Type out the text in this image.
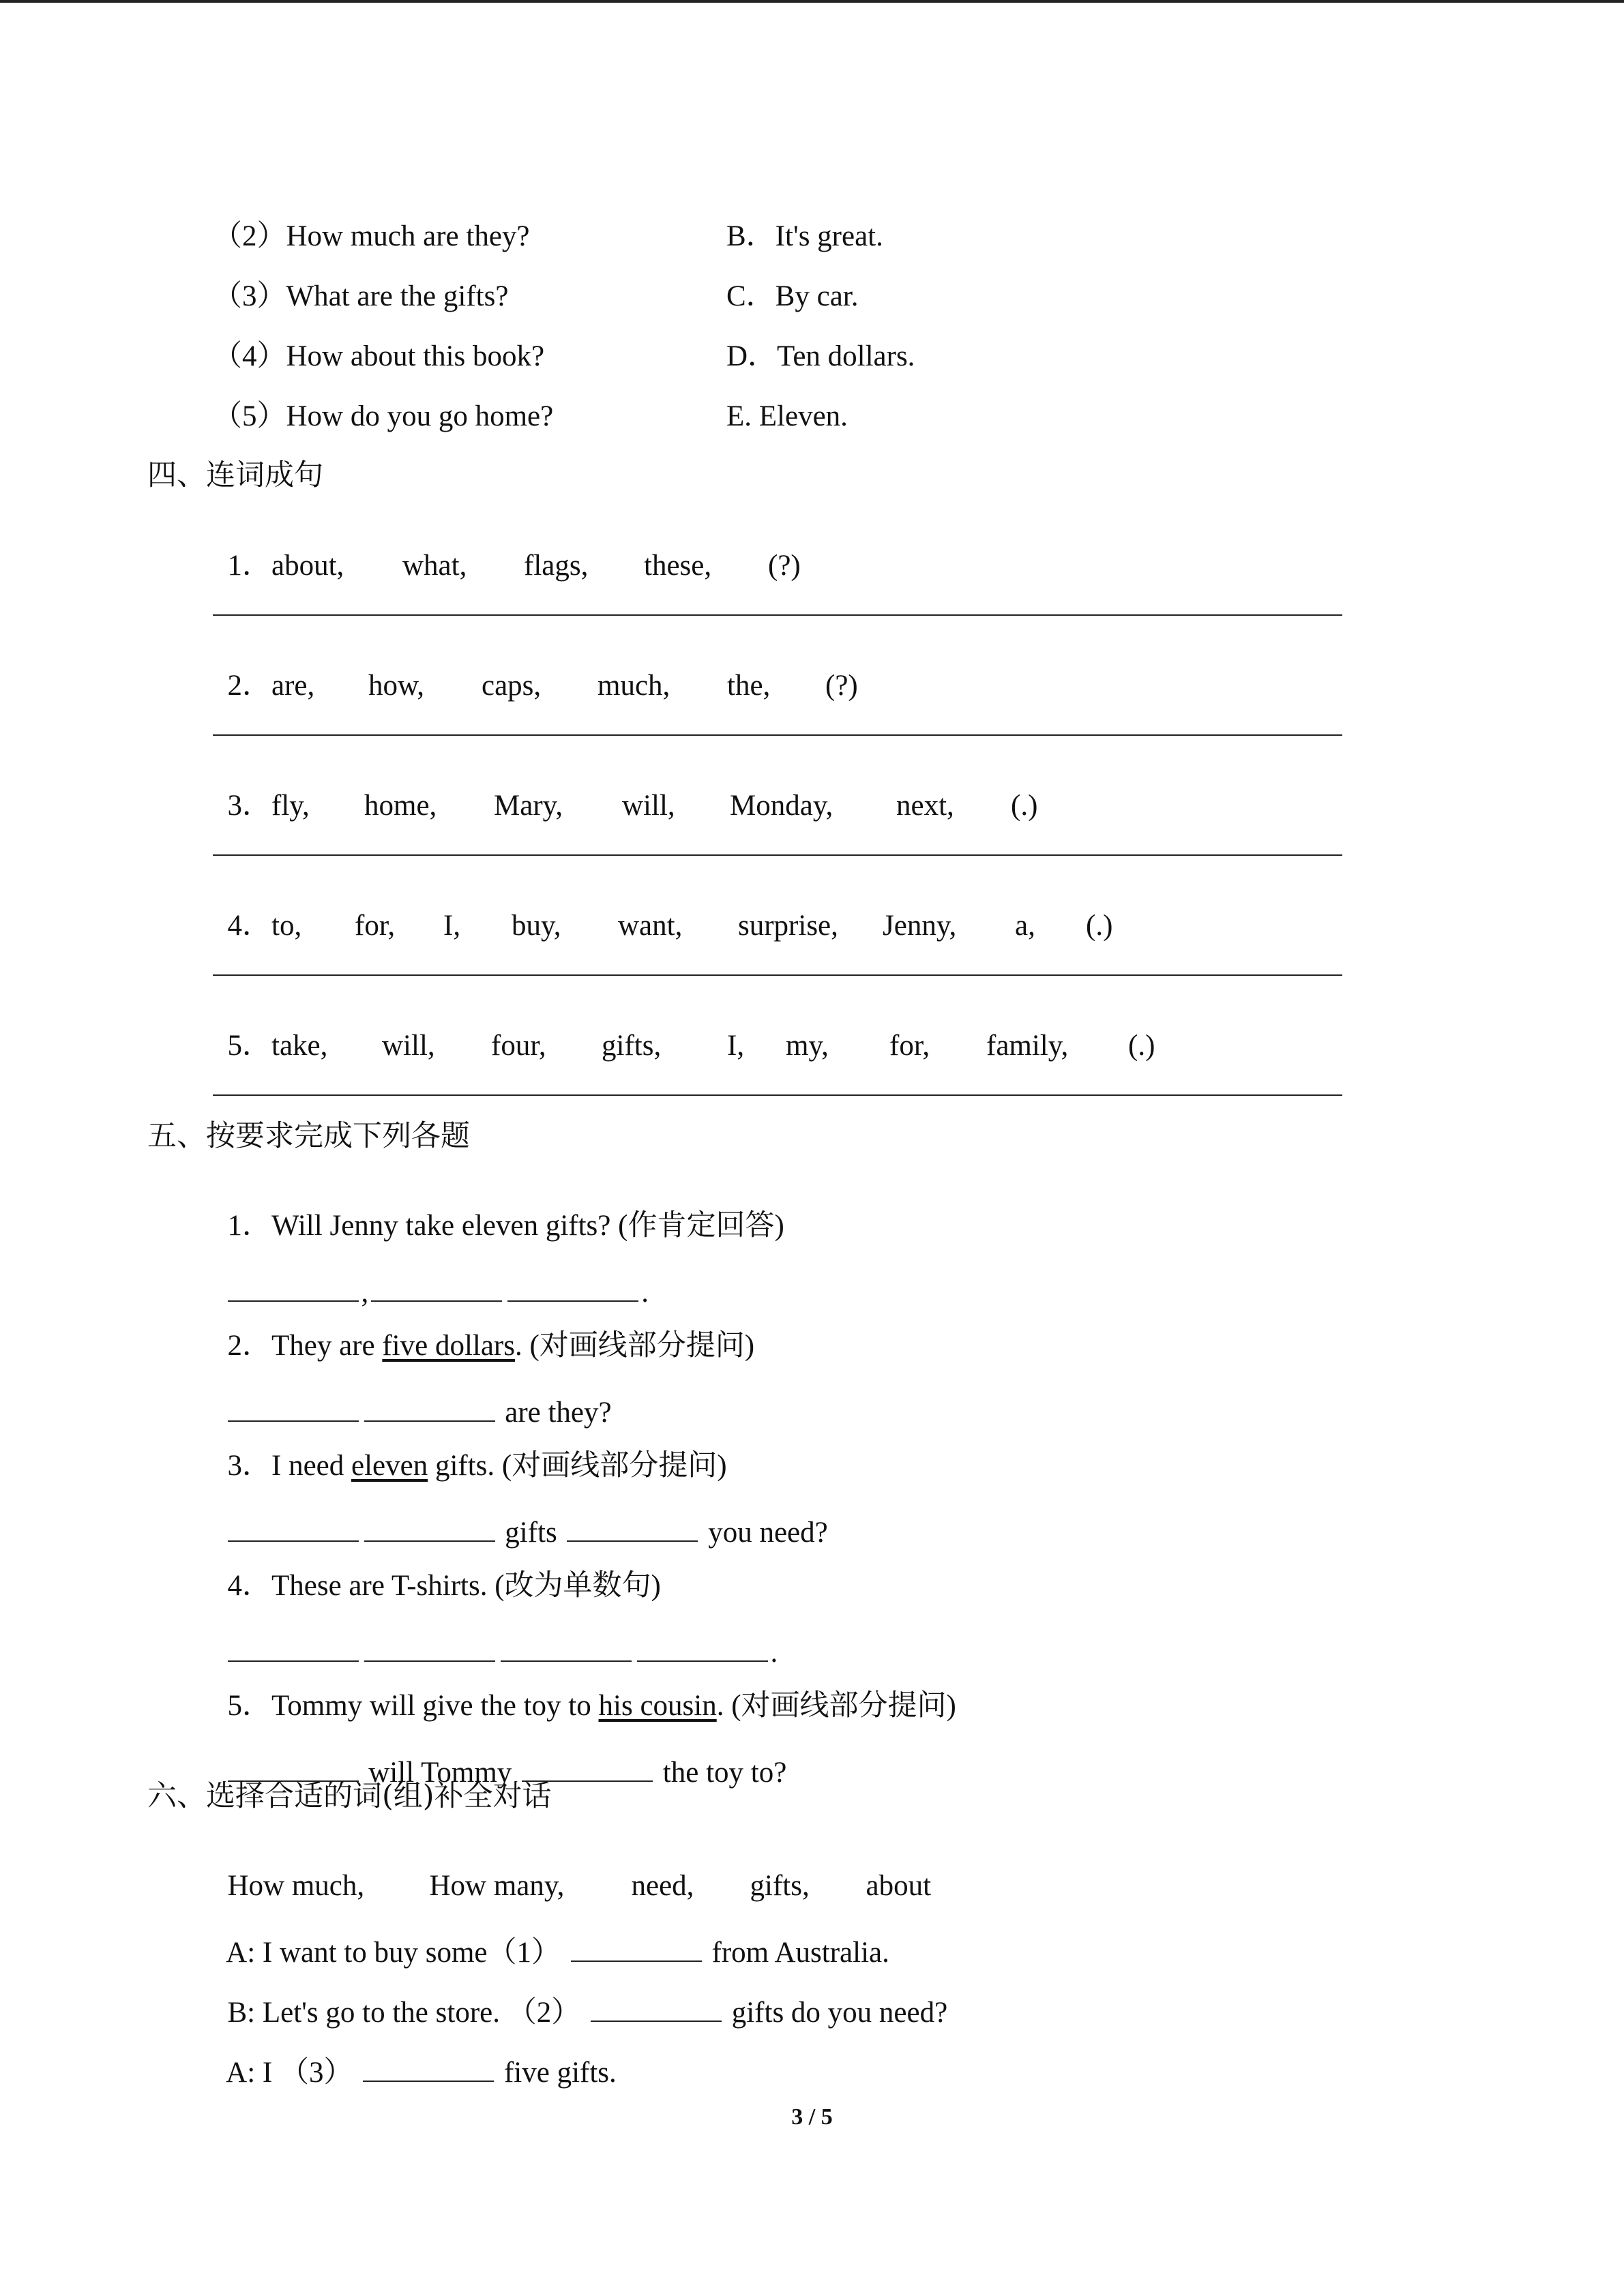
（2）How much are they?	B．It's great.
（3）What are the gifts?	C．By car.
（4）How about this book?	D．Ten dollars.
（5）How do you go home?	E. Eleven.
四、连词成句

1．about, what, flags, these, (?)

2．are, how, caps, much, the, (?)

3．fly, home, Mary, will, Monday, next, (.)

4．to, for, I, buy, want, surprise, Jenny, a, (.)

5．take, will, four, gifts, I, my, for, family, (.)

五、按要求完成下列各题

1．Will Jenny take eleven gifts? (作肯定回答)

,	.

2．They are five dollars. (对画线部分提问)

are they?

3．I need eleven gifts. (对画线部分提问)

gifts	you need?

4．These are T-shirts. (改为单数句)

.

5．Tommy will give the toy to his cousin. (对画线部分提问)

will Tommy	the toy to?

六、选择合适的词(组)补全对话

How much, How many, need, gifts, about

A: I want to buy some（1）	from Australia.

B: Let's go to the store. （2）	gifts do you need?

A: I （3）	five gifts.

3 / 5
